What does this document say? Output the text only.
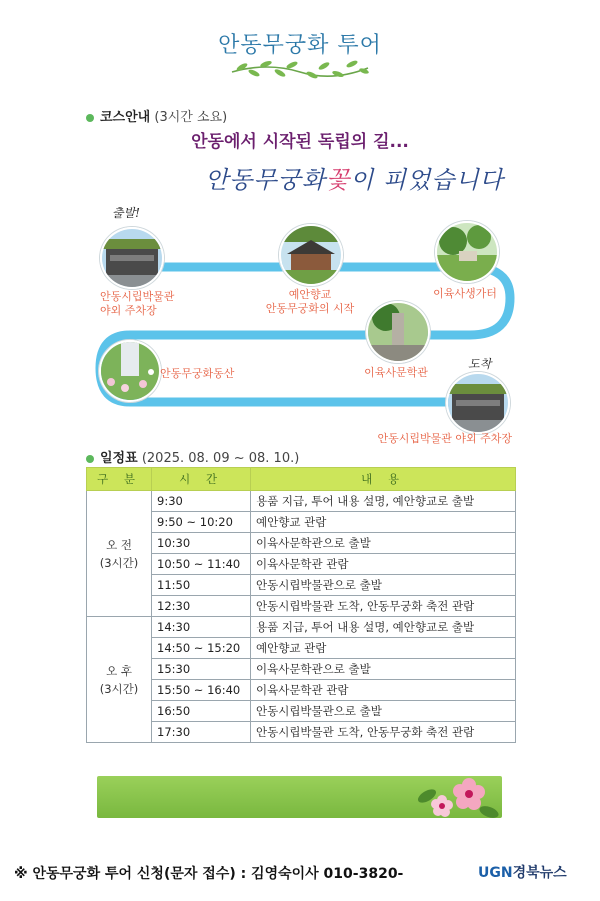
안동무궁화 투어
코스안내 (3시간 소요)
안동에서 시작된 독립의 길...
안동무궁화꽃이 피었습니다
출발!
도착
안동시립박물관
야외 주차장
예안향교
안동무궁화의 시작
이육사생가터
이육사문학관
안동무궁화동산
안동시립박물관 야외 주차장
일정표 (2025. 08. 09 ~ 08. 10.)
구 분	시 간	내 용

오 전
(3시간)	9:30	용품 지급, 투어 내용 설명, 예안향교로 출발
	9:50 ~ 10:20	예안향교 관람
	10:30	이육사문학관으로 출발
	10:50 ~ 11:40	이육사문학관 관람
	11:50	안동시립박물관으로 출발
	12:30	안동시립박물관 도착, 안동무궁화 축전 관람

오 후
(3시간)	14:30	용품 지급, 투어 내용 설명, 예안향교로 출발
	14:50 ~ 15:20	예안향교 관람
	15:30	이육사문학관으로 출발
	15:50 ~ 16:40	이육사문학관 관람
	16:50	안동시립박물관으로 출발
	17:30	안동시립박물관 도착, 안동무궁화 축전 관람
※ 안동무궁화 투어 신청(문자 접수) : 김영숙이사 010-3820-	UGN경북뉴스
